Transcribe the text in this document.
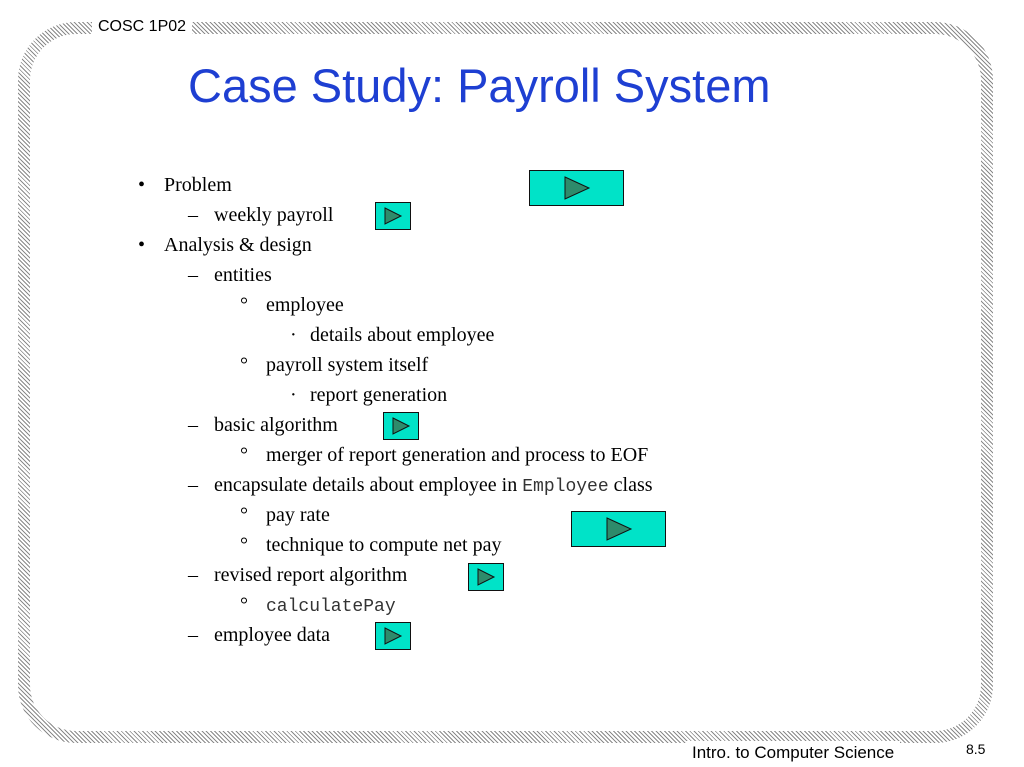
COSC 1P02
Intro. to Computer Science	8.5
Case Study: Payroll System
• Problem
– weekly payroll
• Analysis & design
– entities
° employee
· details about employee
° payroll system itself
· report generation
– basic algorithm
° merger of report generation and process to EOF
– encapsulate details about employee in Employee class
° pay rate
° technique to compute net pay
– revised report algorithm
° calculatePay
– employee data
